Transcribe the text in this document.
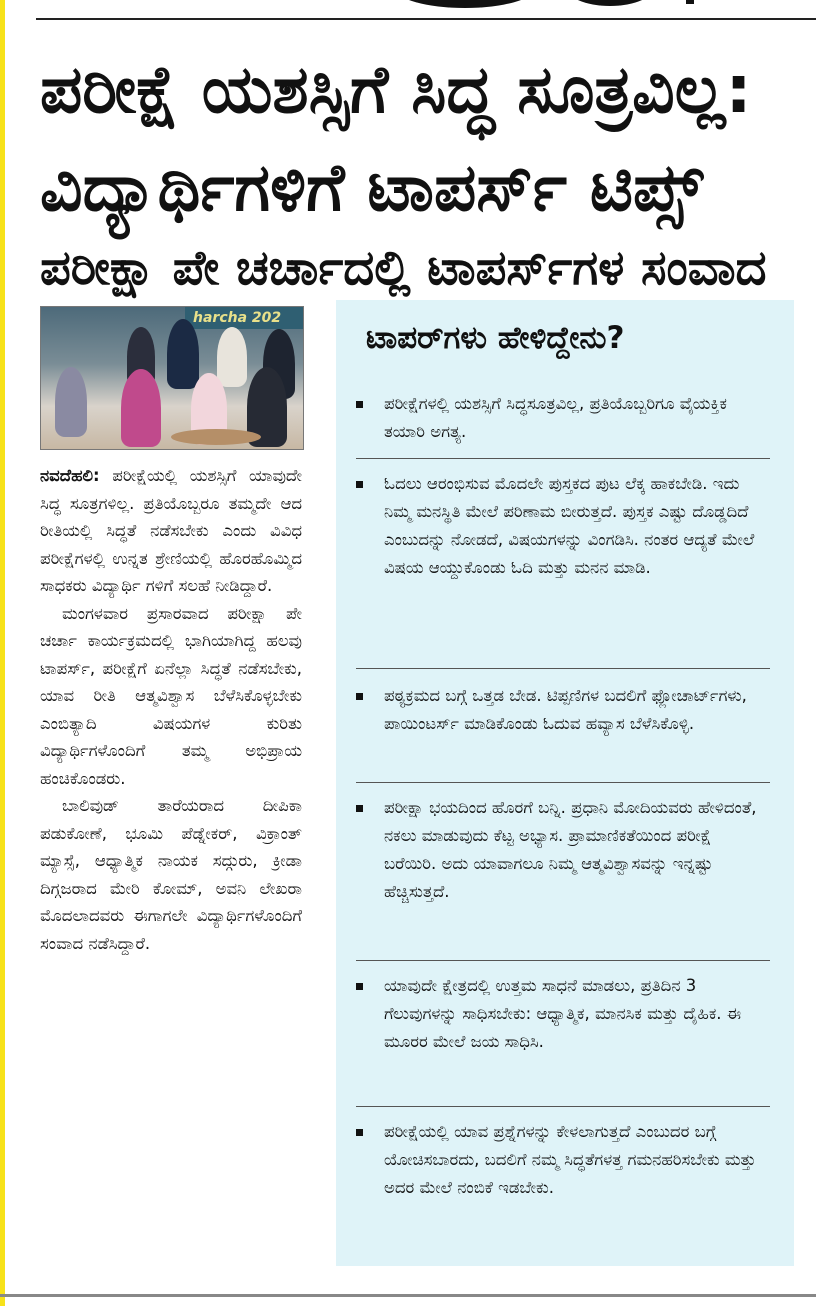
ಪರೀಕ್ಷೆ ಯಶಸ್ಸಿಗೆ ಸಿದ್ಧ ಸೂತ್ರವಿಲ್ಲ:
ವಿದ್ಯಾರ್ಥಿಗಳಿಗೆ ಟಾಪರ್ಸ್ ಟಿಪ್ಸ್
ಪರೀಕ್ಷಾ ಪೇ ಚರ್ಚಾದಲ್ಲಿ ಟಾಪರ್ಸ್‌ಗಳ ಸಂವಾದ
harcha 202

ನವದೆಹಲಿ: ಪರೀಕ್ಷೆಯಲ್ಲಿ ಯಶಸ್ಸಿಗೆ ಯಾವುದೇ ಸಿದ್ಧ ಸೂತ್ರಗಳಿಲ್ಲ. ಪ್ರತಿಯೊಬ್ಬರೂ ತಮ್ಮದೇ ಆದ ರೀತಿಯಲ್ಲಿ ಸಿದ್ಧತೆ ನಡೆಸಬೇಕು ಎಂದು ವಿವಿಧ ಪರೀಕ್ಷೆಗಳಲ್ಲಿ ಉನ್ನತ ಶ್ರೇಣಿಯಲ್ಲಿ ಹೊರಹೊಮ್ಮಿದ ಸಾಧಕರು ವಿದ್ಯಾರ್ಥಿ ಗಳಿಗೆ ಸಲಹೆ ನೀಡಿದ್ದಾರೆ.

ಮಂಗಳವಾರ ಪ್ರಸಾರವಾದ ಪರೀಕ್ಷಾ ಪೇ ಚರ್ಚಾ ಕಾರ್ಯಕ್ರಮದಲ್ಲಿ ಭಾಗಿಯಾಗಿದ್ದ ಹಲವು ಟಾಪರ್ಸ್, ಪರೀಕ್ಷೆಗೆ ಏನೆಲ್ಲಾ ಸಿದ್ಧತೆ ನಡೆಸಬೇಕು, ಯಾವ ರೀತಿ ಆತ್ಮವಿಶ್ವಾಸ ಬೆಳೆಸಿಕೊಳ್ಳಬೇಕು ಎಂಬಿತ್ಯಾದಿ ವಿಷಯಗಳ ಕುರಿತು ವಿದ್ಯಾರ್ಥಿಗಳೊಂದಿಗೆ ತಮ್ಮ ಅಭಿಪ್ರಾಯ ಹಂಚಿಕೊಂಡರು.

ಬಾಲಿವುಡ್ ತಾರೆಯರಾದ ದೀಪಿಕಾ ಪಡುಕೋಣೆ, ಭೂಮಿ ಪೆಡ್ನೇಕರ್, ವಿಕ್ರಾಂತ್ ಮ್ಯಾಸ್ಸೆ, ಆಧ್ಯಾತ್ಮಿಕ ನಾಯಕ ಸದ್ಗುರು, ಕ್ರೀಡಾ ದಿಗ್ಗಜರಾದ ಮೇರಿ ಕೋಮ್, ಅವನಿ ಲೇಖರಾ ಮೊದಲಾದವರು ಈಗಾಗಲೇ ವಿದ್ಯಾರ್ಥಿಗಳೊಂದಿಗೆ ಸಂವಾದ ನಡೆಸಿದ್ದಾರೆ.

ಟಾಪರ್‌ಗಳು ಹೇಳಿದ್ದೇನು?
ಪರೀಕ್ಷೆಗಳಲ್ಲಿ ಯಶಸ್ಸಿಗೆ ಸಿದ್ಧಸೂತ್ರವಿಲ್ಲ, ಪ್ರತಿಯೊಬ್ಬರಿಗೂ ವೈಯಕ್ತಿಕ ತಯಾರಿ ಅಗತ್ಯ.
ಓದಲು ಆರಂಭಿಸುವ ಮೊದಲೇ ಪುಸ್ತಕದ ಪುಟ ಲೆಕ್ಕ ಹಾಕಬೇಡಿ. ಇದು ನಿಮ್ಮ ಮನಸ್ಥಿತಿ ಮೇಲೆ ಪರಿಣಾಮ ಬೀರುತ್ತದೆ. ಪುಸ್ತಕ ಎಷ್ಟು ದೊಡ್ಡದಿದೆ ಎಂಬುದನ್ನು ನೋಡದೆ, ವಿಷಯಗಳನ್ನು ವಿಂಗಡಿಸಿ. ನಂತರ ಆದ್ಯತೆ ಮೇಲೆ ವಿಷಯ ಆಯ್ದುಕೊಂಡು ಓದಿ ಮತ್ತು ಮನನ ಮಾಡಿ.
ಪಠ್ಯಕ್ರಮದ ಬಗ್ಗೆ ಒತ್ತಡ ಬೇಡ. ಟಿಪ್ಪಣಿಗಳ ಬದಲಿಗೆ ಫ್ಲೋಚಾರ್ಟ್‌ಗಳು, ಪಾಯಿಂಟರ್ಸ್ ಮಾಡಿಕೊಂಡು ಓದುವ ಹವ್ಯಾಸ ಬೆಳೆಸಿಕೊಳ್ಳಿ.
ಪರೀಕ್ಷಾ ಭಯದಿಂದ ಹೊರಗೆ ಬನ್ನಿ. ಪ್ರಧಾನಿ ಮೋದಿಯವರು ಹೇಳಿದಂತೆ, ನಕಲು ಮಾಡುವುದು ಕೆಟ್ಟ ಅಭ್ಯಾಸ. ಪ್ರಾಮಾಣಿಕತೆಯಿಂದ ಪರೀಕ್ಷೆ ಬರೆಯಿರಿ. ಅದು ಯಾವಾಗಲೂ ನಿಮ್ಮ ಆತ್ಮವಿಶ್ವಾಸವನ್ನು ಇನ್ನಷ್ಟು ಹೆಚ್ಚಿಸುತ್ತದೆ.
ಯಾವುದೇ ಕ್ಷೇತ್ರದಲ್ಲಿ ಉತ್ತಮ ಸಾಧನೆ ಮಾಡಲು, ಪ್ರತಿದಿನ 3 ಗೆಲುವುಗಳನ್ನು ಸಾಧಿಸಬೇಕು: ಆಧ್ಯಾತ್ಮಿಕ, ಮಾನಸಿಕ ಮತ್ತು ದೈಹಿಕ. ಈ ಮೂರರ ಮೇಲೆ ಜಯ ಸಾಧಿಸಿ.
ಪರೀಕ್ಷೆಯಲ್ಲಿ ಯಾವ ಪ್ರಶ್ನೆಗಳನ್ನು ಕೇಳಲಾಗುತ್ತದೆ ಎಂಬುದರ ಬಗ್ಗೆ ಯೋಚಿಸಬಾರದು, ಬದಲಿಗೆ ನಮ್ಮ ಸಿದ್ಧತೆಗಳತ್ತ ಗಮನಹರಿಸಬೇಕು ಮತ್ತು ಅದರ ಮೇಲೆ ನಂಬಿಕೆ ಇಡಬೇಕು.
